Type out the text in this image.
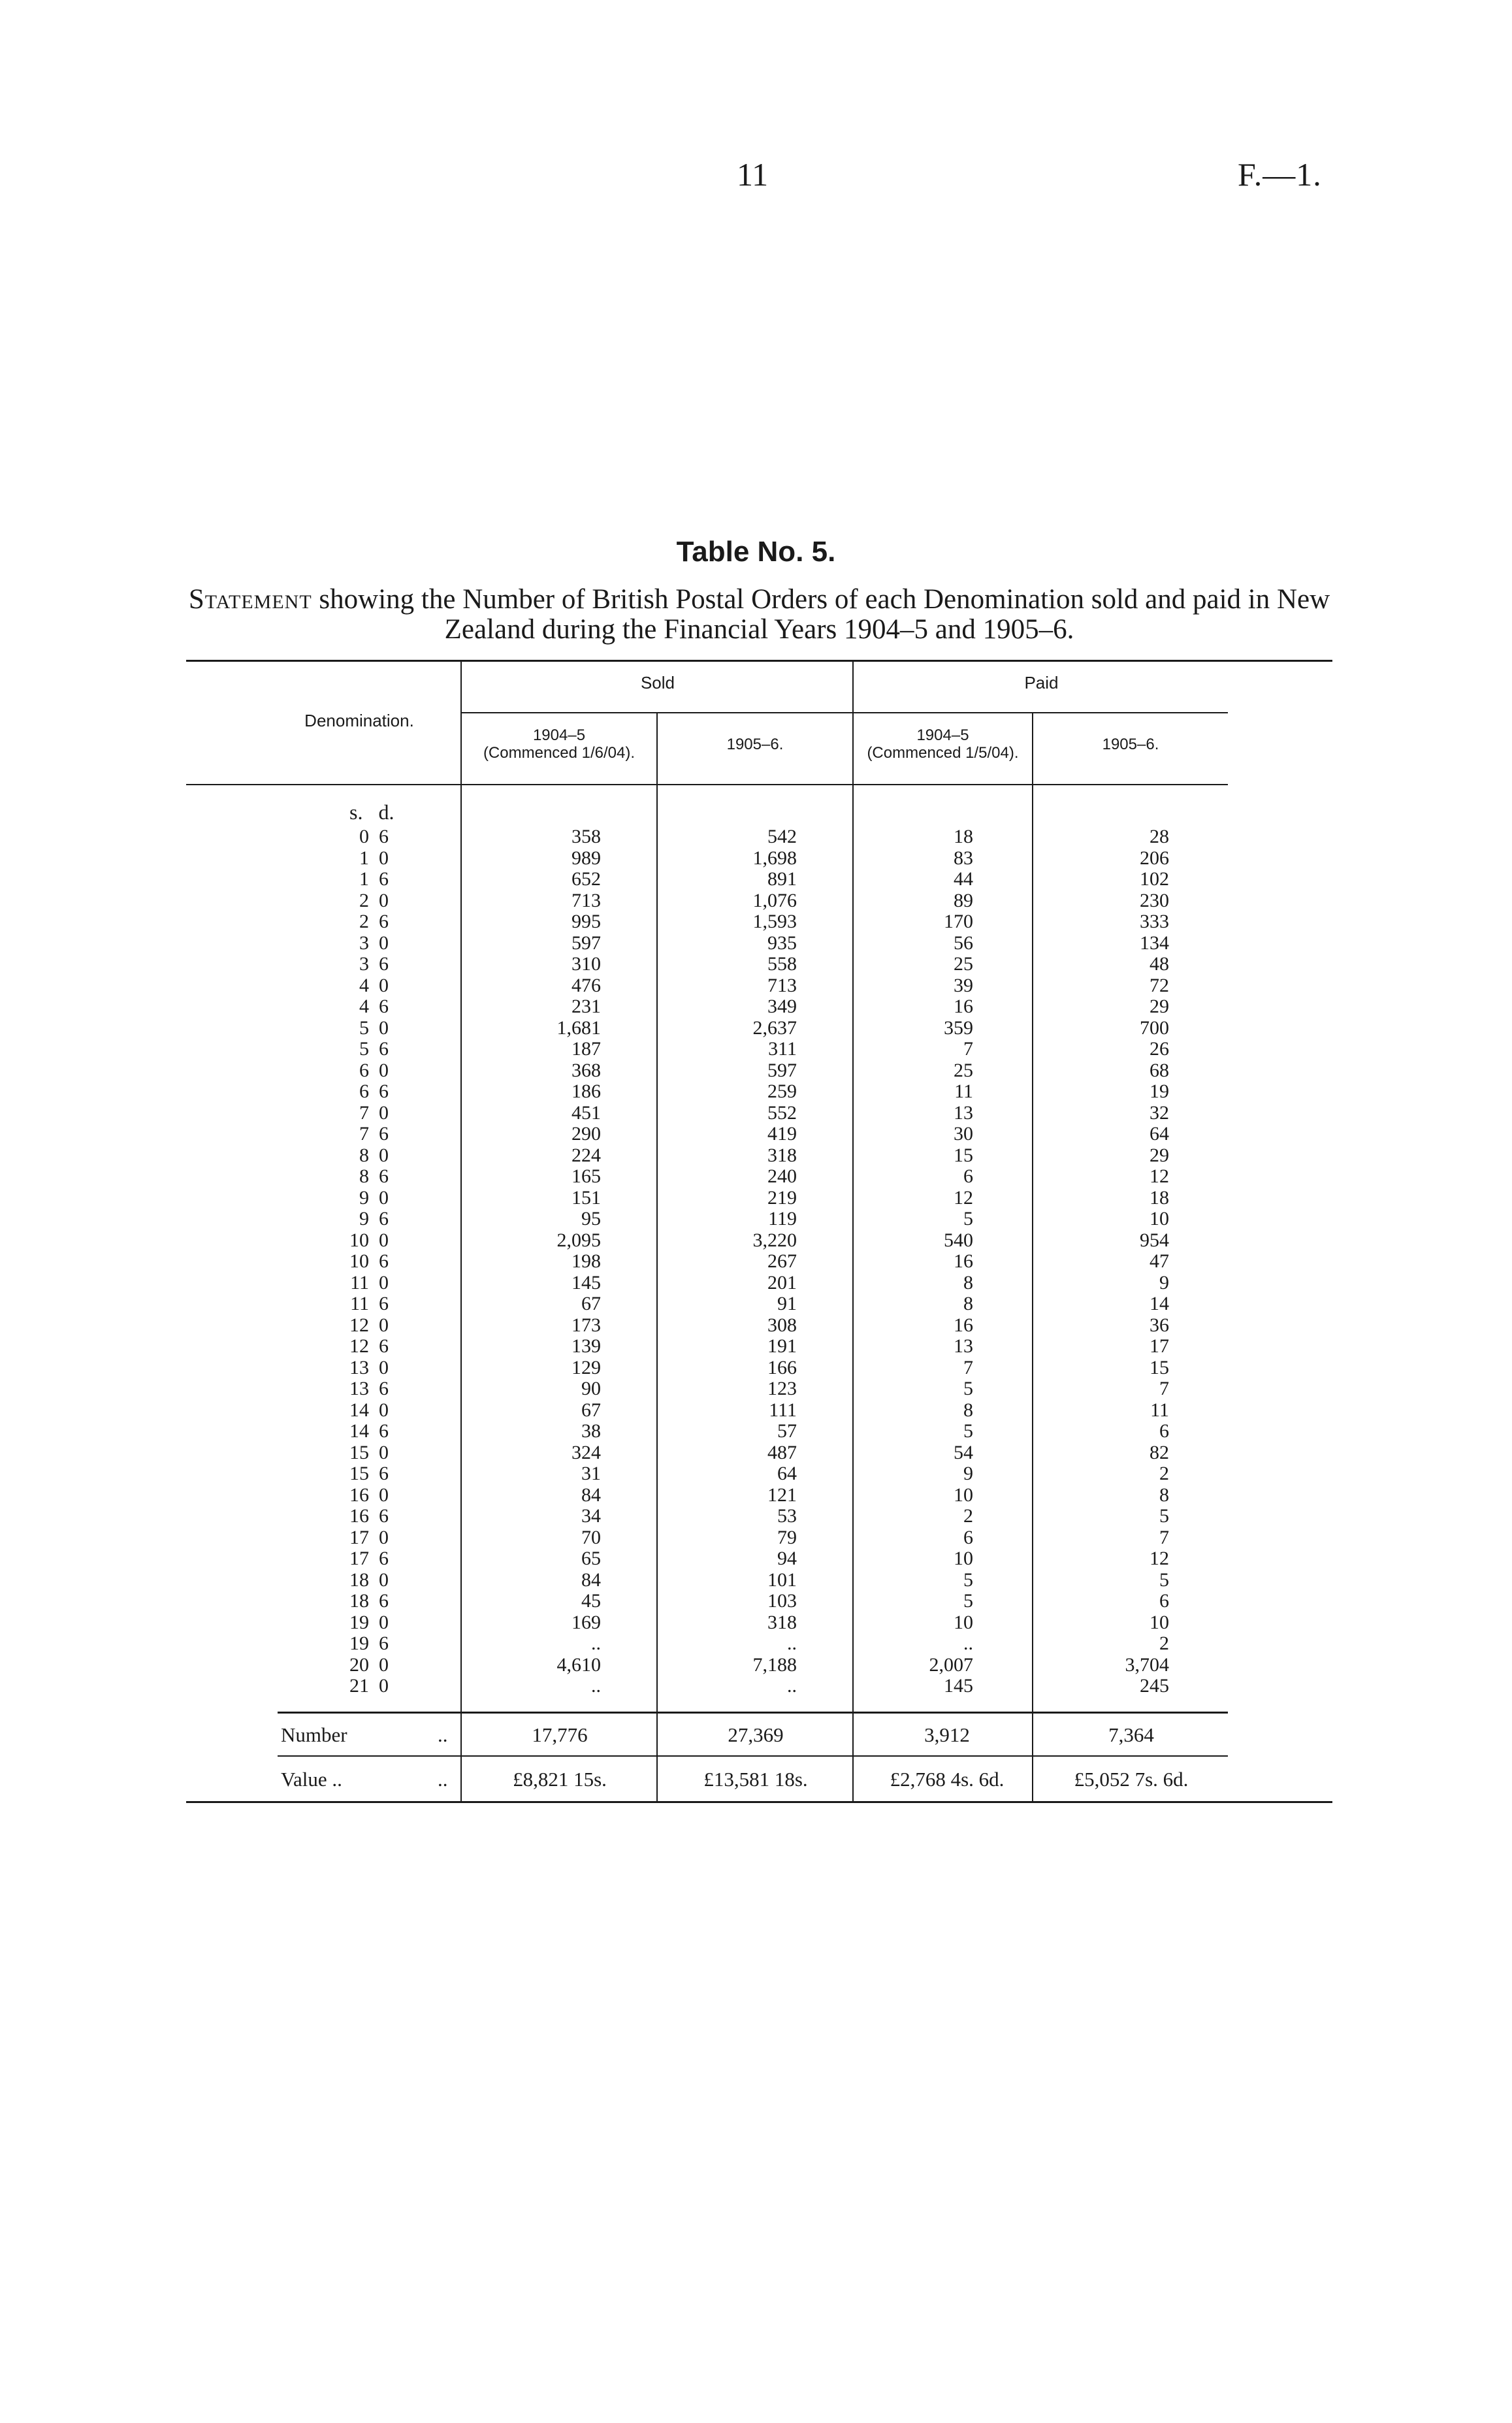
11	F.—1.
Table No. 5.
Statement showing the Number of British Postal Orders of each Denomination sold and paid in New Zealand during the Financial Years 1904–5 and 1905–6.
Denomination.
Sold	Paid
1904–5
(Commenced 1/6/04).	1905–6.
1904–5
(Commenced 1/5/04).	1905–6.
s. d.
0 6	358	542	18	28
1 0	989	1,698	83	206
1 6	652	891	44	102
2 0	713	1,076	89	230
2 6	995	1,593	170	333
3 0	597	935	56	134
3 6	310	558	25	48
4 0	476	713	39	72
4 6	231	349	16	29
5 0	1,681	2,637	359	700
5 6	187	311	7	26
6 0	368	597	25	68
6 6	186	259	11	19
7 0	451	552	13	32
7 6	290	419	30	64
8 0	224	318	15	29
8 6	165	240	6	12
9 0	151	219	12	18
9 6	95	119	5	10
10 0	2,095	3,220	540	954
10 6	198	267	16	47
11 0	145	201	8	9
11 6	67	91	8	14
12 0	173	308	16	36
12 6	139	191	13	17
13 0	129	166	7	15
13 6	90	123	5	7
14 0	67	111	8	11
14 6	38	57	5	6
15 0	324	487	54	82
15 6	31	64	9	2
16 0	84	121	10	8
16 6	34	53	2	5
17 0	70	79	6	7
17 6	65	94	10	12
18 0	84	101	5	5
18 6	45	103	5	6
19 0	169	318	10	10
19 6	..	..	..	2
20 0	4,610	7,188	2,007	3,704
21 0	..	..	145	245
Number	..	17,776	27,369	3,912	7,364
Value ..	..	£8,821 15s.	£13,581 18s.	£2,768 4s. 6d.	£5,052 7s. 6d.
